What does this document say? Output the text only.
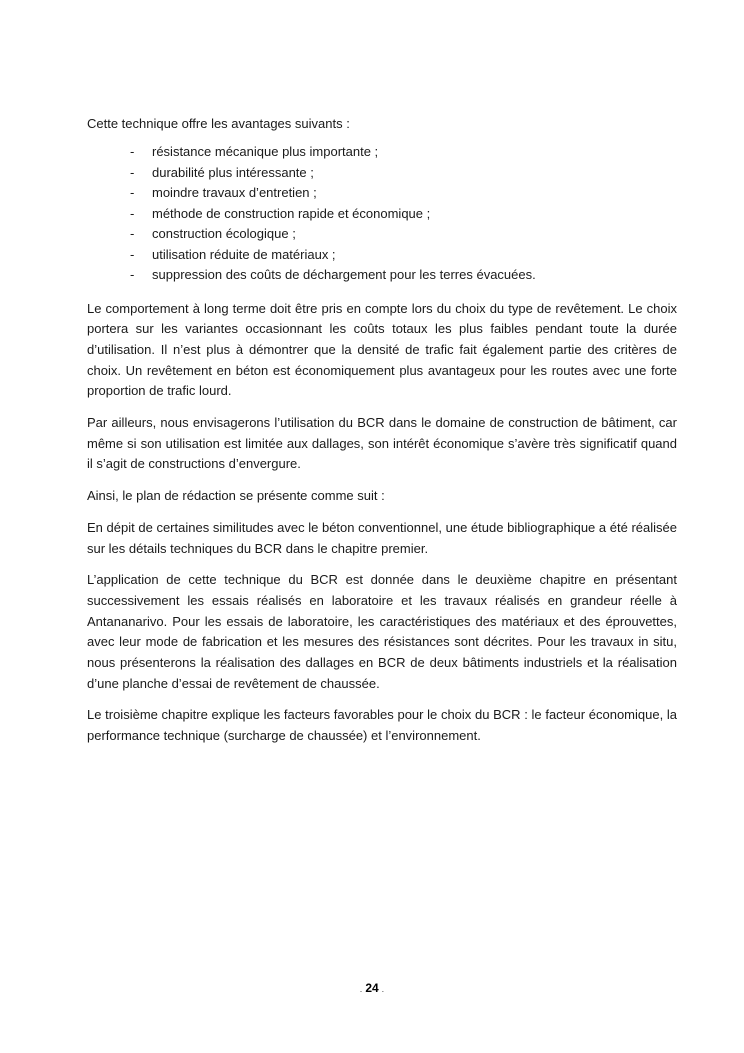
Cette technique offre les avantages suivants :

- résistance mécanique plus importante ;
- durabilité plus intéressante ;
- moindre travaux d’entretien ;
- méthode de construction rapide et économique ;
- construction écologique ;
- utilisation réduite de matériaux ;
- suppression des coûts de déchargement pour les terres évacuées.

Le comportement à long terme doit être pris en compte lors du choix du type de revêtement. Le choix portera sur les variantes occasionnant les coûts totaux les plus faibles pendant toute la durée d’utilisation. Il n’est plus à démontrer que la densité de trafic fait également partie des critères de choix. Un revêtement en béton est économiquement plus avantageux pour les routes avec une forte proportion de trafic lourd.

Par ailleurs, nous envisagerons l’utilisation du BCR dans le domaine de construction de bâtiment, car même si son utilisation est limitée aux dallages, son intérêt économique s’avère très significatif quand il s’agit de constructions d’envergure.

Ainsi, le plan de rédaction se présente comme suit :

En dépit de certaines similitudes avec le béton conventionnel, une étude bibliographique a été réalisée sur les détails techniques du BCR dans le chapitre premier.

L’application de cette technique du BCR est donnée dans le deuxième chapitre en présentant successivement les essais réalisés en laboratoire et les travaux réalisés en grandeur réelle à Antananarivo. Pour les essais de laboratoire, les caractéristiques des matériaux et des éprouvettes, avec leur mode de fabrication et les mesures des résistances sont décrites. Pour les travaux in situ, nous présenterons la réalisation des dallages en BCR de deux bâtiments industriels et la réalisation d’une planche d’essai de revêtement de chaussée.

Le troisième chapitre explique les facteurs favorables pour le choix du BCR : le facteur économique, la performance technique (surcharge de chaussée) et l’environnement.

. 24 .
